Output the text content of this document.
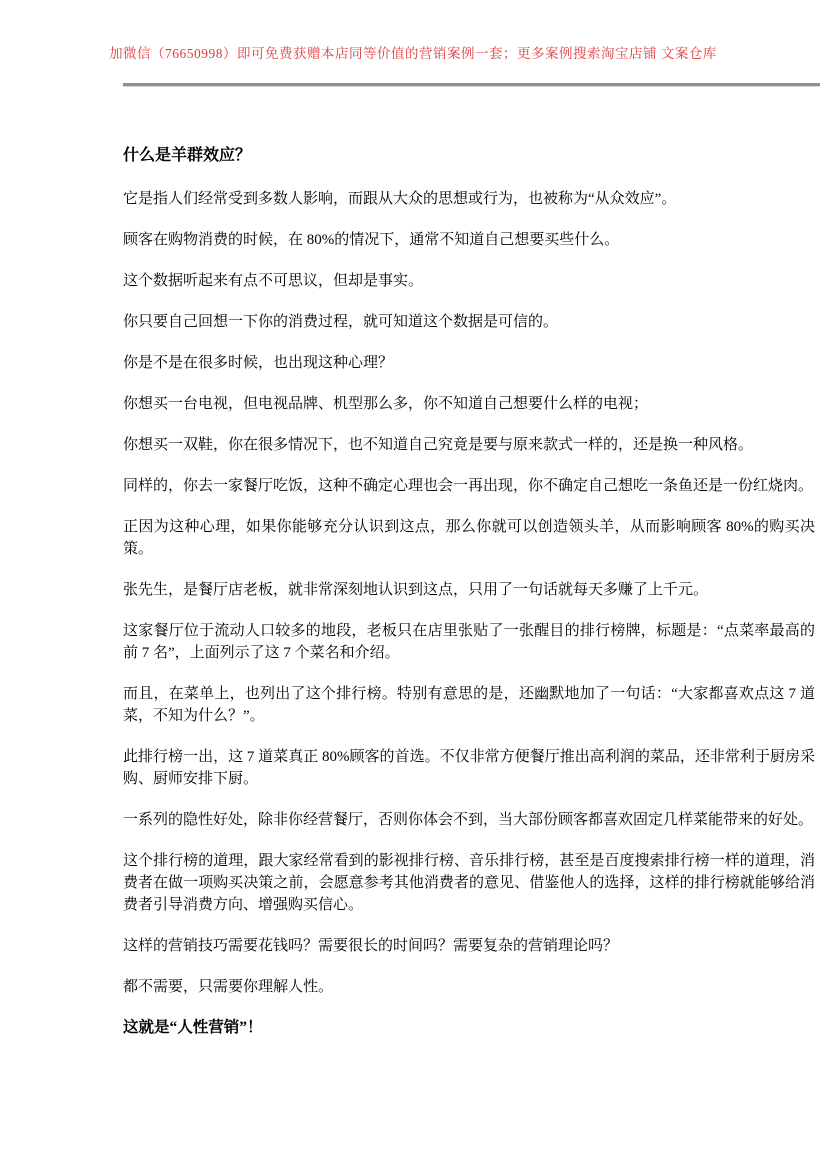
加微信（76650998）即可免费获赠本店同等价值的营销案例一套；更多案例搜索淘宝店铺 文案仓库
什么是羊群效应？

它是指人们经常受到多数人影响，而跟从大众的思想或行为，也被称为“从众效应”。

顾客在购物消费的时候，在 80%的情况下，通常不知道自己想要买些什么。

这个数据听起来有点不可思议，但却是事实。

你只要自己回想一下你的消费过程，就可知道这个数据是可信的。

你是不是在很多时候，也出现这种心理？

你想买一台电视，但电视品牌、机型那么多，你不知道自己想要什么样的电视；

你想买一双鞋，你在很多情况下，也不知道自己究竟是要与原来款式一样的，还是换一种风格。

同样的，你去一家餐厅吃饭，这种不确定心理也会一再出现，你不确定自己想吃一条鱼还是一份红烧肉。

正因为这种心理，如果你能够充分认识到这点，那么你就可以创造领头羊，从而影响顾客 80%的购买决策。

张先生，是餐厅店老板，就非常深刻地认识到这点，只用了一句话就每天多赚了上千元。

这家餐厅位于流动人口较多的地段，老板只在店里张贴了一张醒目的排行榜牌，标题是：“点菜率最高的前 7 名”，上面列示了这 7 个菜名和介绍。

而且，在菜单上，也列出了这个排行榜。特别有意思的是，还幽默地加了一句话：“大家都喜欢点这 7 道菜，不知为什么？”。

此排行榜一出，这 7 道菜真正 80%顾客的首选。不仅非常方便餐厅推出高利润的菜品，还非常利于厨房采购、厨师安排下厨。

一系列的隐性好处，除非你经营餐厅，否则你体会不到，当大部份顾客都喜欢固定几样菜能带来的好处。

这个排行榜的道理，跟大家经常看到的影视排行榜、音乐排行榜，甚至是百度搜索排行榜一样的道理，消费者在做一项购买决策之前，会愿意参考其他消费者的意见、借鉴他人的选择，这样的排行榜就能够给消费者引导消费方向、增强购买信心。

这样的营销技巧需要花钱吗？需要很长的时间吗？需要复杂的营销理论吗？

都不需要，只需要你理解人性。

这就是“人性营销”！
